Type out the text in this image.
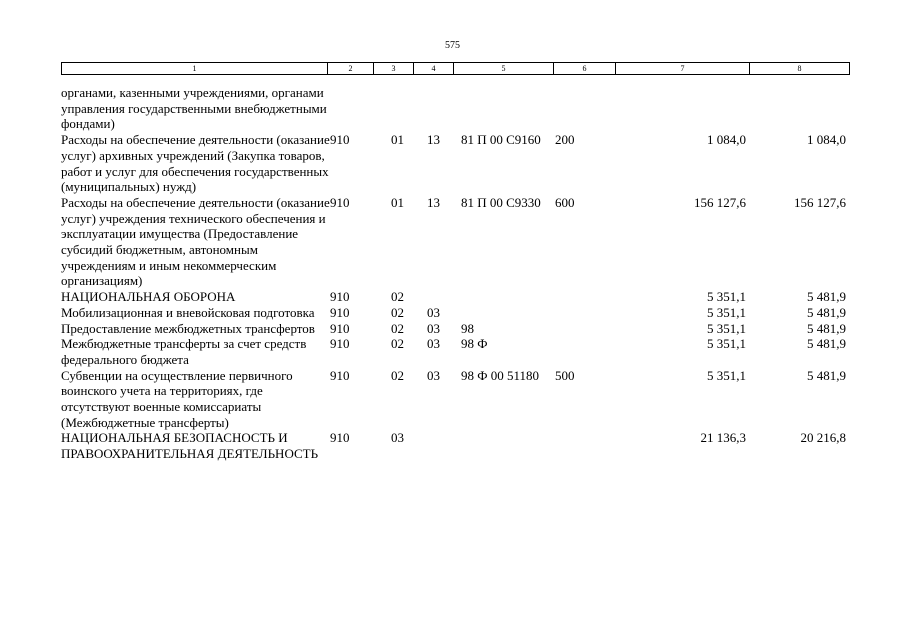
575
1	2	3	4	5	6	7	8
органами, казенными учреждениями, органами управления государственными внебюджетными фондами)							

Расходы на обеспечение деятельности (оказание услуг) архивных учреждений (Закупка товаров, работ и услуг для обеспечения государственных (муниципальных) нужд)	910	01	13	81 П 00 С9160	200	1 084,0	1 084,0

Расходы на обеспечение деятельности (оказание услуг) учреждения технического обеспечения и эксплуатации имущества (Предоставление субсидий бюджетным, автономным учреждениям и иным некоммерческим организациям)	910	01	13	81 П 00 С9330	600	156 127,6	156 127,6

НАЦИОНАЛЬНАЯ ОБОРОНА	910	02				5 351,1	5 481,9

Мобилизационная и вневойсковая подготовка	910	02	03			5 351,1	5 481,9

Предоставление межбюджетных трансфертов	910	02	03	98		5 351,1	5 481,9

Межбюджетные трансферты за счет средств федерального бюджета	910	02	03	98 Ф		5 351,1	5 481,9

Субвенции на осуществление первичного воинского учета на территориях, где отсутствуют военные комиссариаты (Межбюджетные трансферты)	910	02	03	98 Ф 00 51180	500	5 351,1	5 481,9

НАЦИОНАЛЬНАЯ БЕЗОПАСНОСТЬ И ПРАВООХРАНИТЕЛЬНАЯ ДЕЯТЕЛЬНОСТЬ	910	03				21 136,3	20 216,8
